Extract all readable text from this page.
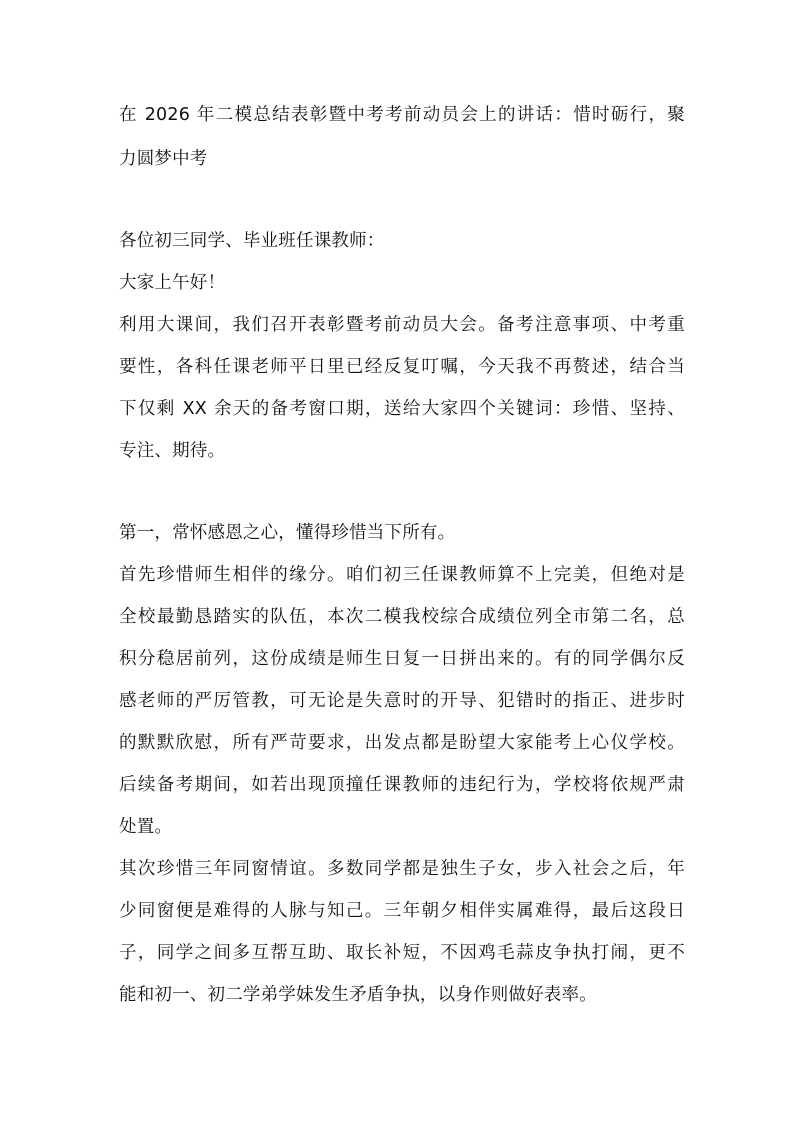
在 2026 年二模总结表彰暨中考考前动员会上的讲话：惜时砺行，聚
力圆梦中考
各位初三同学、毕业班任课教师：
大家上午好！
利用大课间，我们召开表彰暨考前动员大会。备考注意事项、中考重
要性，各科任课老师平日里已经反复叮嘱，今天我不再赘述，结合当
下仅剩 XX 余天的备考窗口期，送给大家四个关键词：珍惜、坚持、
专注、期待。
第一，常怀感恩之心，懂得珍惜当下所有。
首先珍惜师生相伴的缘分。咱们初三任课教师算不上完美，但绝对是
全校最勤恳踏实的队伍，本次二模我校综合成绩位列全市第二名，总
积分稳居前列，这份成绩是师生日复一日拼出来的。有的同学偶尔反
感老师的严厉管教，可无论是失意时的开导、犯错时的指正、进步时
的默默欣慰，所有严苛要求，出发点都是盼望大家能考上心仪学校。
后续备考期间，如若出现顶撞任课教师的违纪行为，学校将依规严肃
处置。
其次珍惜三年同窗情谊。多数同学都是独生子女，步入社会之后，年
少同窗便是难得的人脉与知己。三年朝夕相伴实属难得，最后这段日
子，同学之间多互帮互助、取长补短，不因鸡毛蒜皮争执打闹，更不
能和初一、初二学弟学妹发生矛盾争执，以身作则做好表率。
